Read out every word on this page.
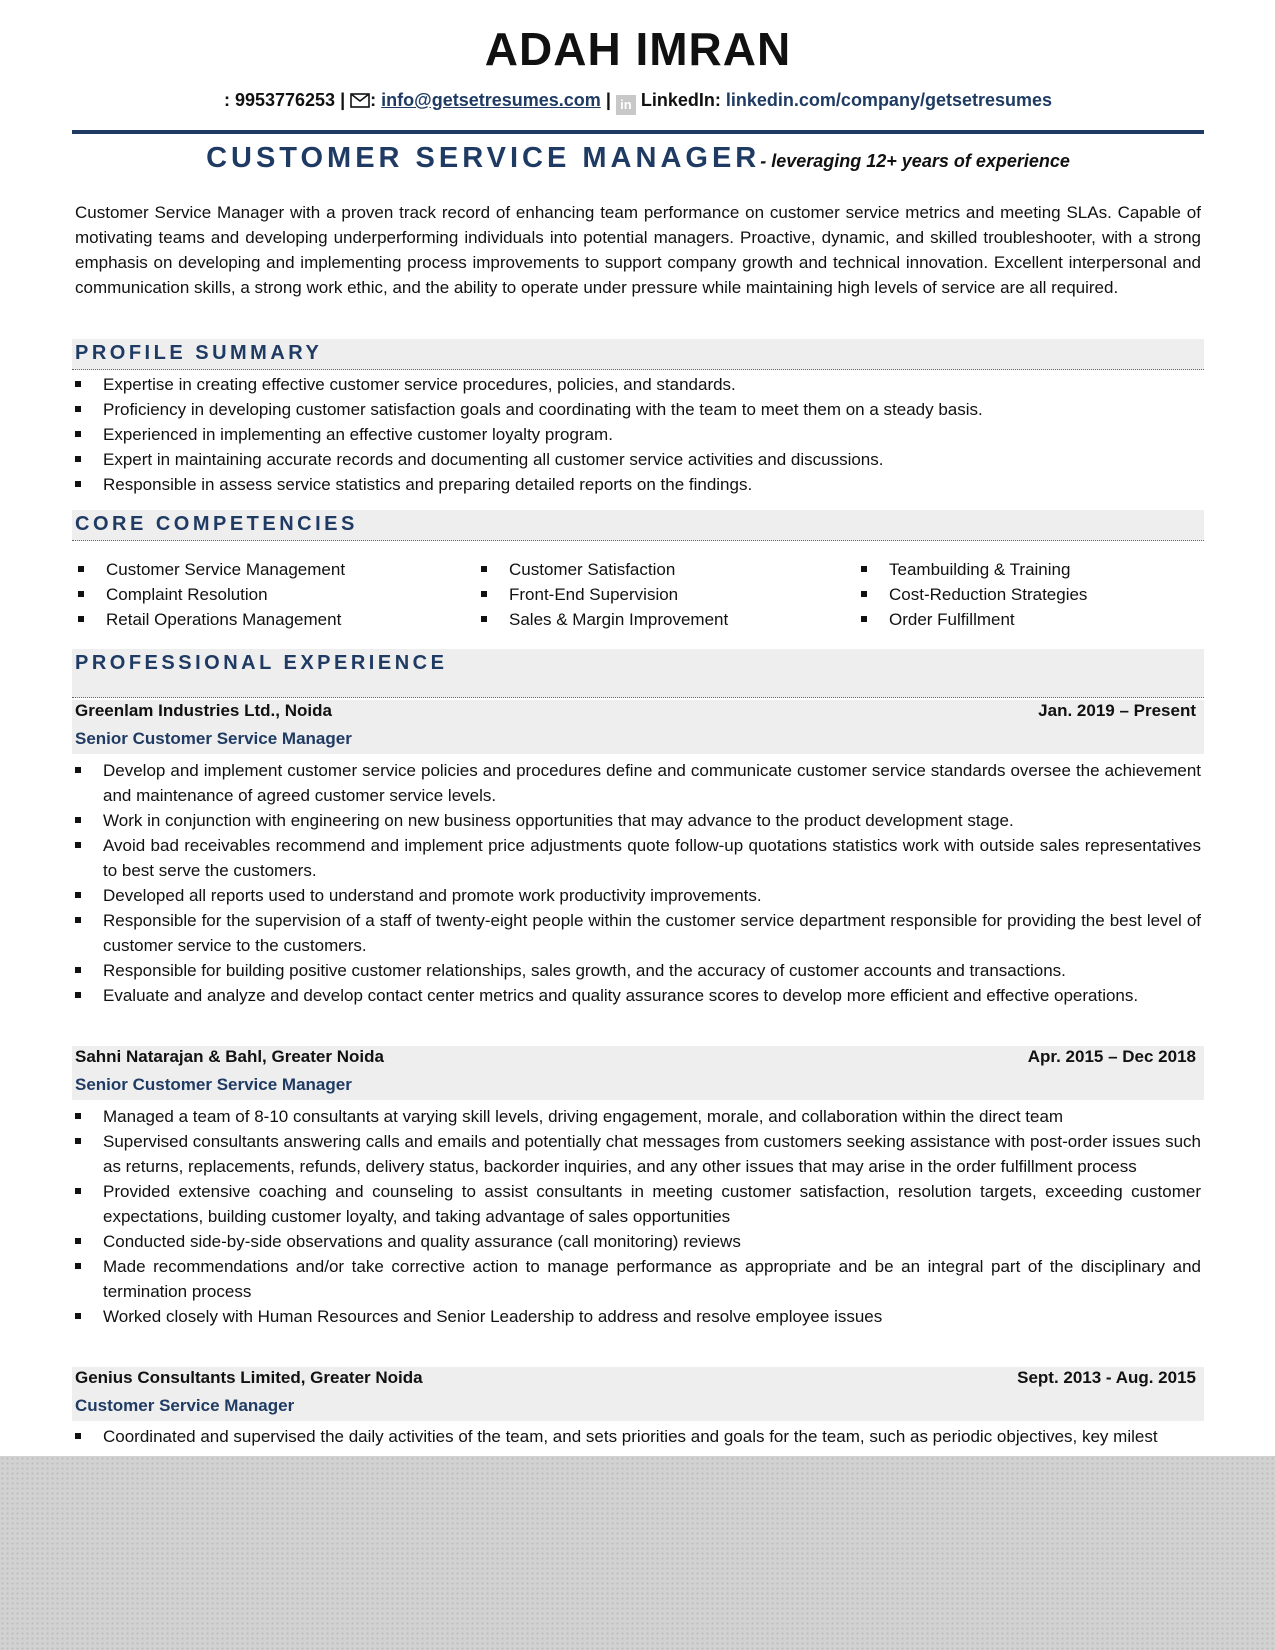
ADAH IMRAN
: 9953776253 | : info@getsetresumes.com | in LinkedIn: linkedin.com/company/getsetresumes
CUSTOMER SERVICE MANAGER- leveraging 12+ years of experience
Customer Service Manager with a proven track record of enhancing team performance on customer service metrics and meeting SLAs. Capable of motivating teams and developing underperforming individuals into potential managers. Proactive, dynamic, and skilled troubleshooter, with a strong emphasis on developing and implementing process improvements to support company growth and technical innovation. Excellent interpersonal and communication skills, a strong work ethic, and the ability to operate under pressure while maintaining high levels of service are all required.
PROFILE SUMMARY
Expertise in creating effective customer service procedures, policies, and standards.
Proficiency in developing customer satisfaction goals and coordinating with the team to meet them on a steady basis.
Experienced in implementing an effective customer loyalty program.
Expert in maintaining accurate records and documenting all customer service activities and discussions.
Responsible in assess service statistics and preparing detailed reports on the findings.
CORE COMPETENCIES
Customer Service Management
Complaint Resolution
Retail Operations Management
Customer Satisfaction
Front-End Supervision
Sales & Margin Improvement
Teambuilding & Training
Cost-Reduction Strategies
Order Fulfillment
PROFESSIONAL EXPERIENCE
Greenlam Industries Ltd., Noida	Jan. 2019 – Present
Senior Customer Service Manager
Develop and implement customer service policies and procedures define and communicate customer service standards oversee the achievement and maintenance of agreed customer service levels.
Work in conjunction with engineering on new business opportunities that may advance to the product development stage.
Avoid bad receivables recommend and implement price adjustments quote follow-up quotations statistics work with outside sales representatives to best serve the customers.
Developed all reports used to understand and promote work productivity improvements.
Responsible for the supervision of a staff of twenty-eight people within the customer service department responsible for providing the best level of customer service to the customers.
Responsible for building positive customer relationships, sales growth, and the accuracy of customer accounts and transactions.
Evaluate and analyze and develop contact center metrics and quality assurance scores to develop more efficient and effective operations.
Sahni Natarajan & Bahl, Greater Noida	Apr. 2015 – Dec 2018
Senior Customer Service Manager
Managed a team of 8-10 consultants at varying skill levels, driving engagement, morale, and collaboration within the direct team
Supervised consultants answering calls and emails and potentially chat messages from customers seeking assistance with post-order issues such as returns, replacements, refunds, delivery status, backorder inquiries, and any other issues that may arise in the order fulfillment process
Provided extensive coaching and counseling to assist consultants in meeting customer satisfaction, resolution targets, exceeding customer expectations, building customer loyalty, and taking advantage of sales opportunities
Conducted side-by-side observations and quality assurance (call monitoring) reviews
Made recommendations and/or take corrective action to manage performance as appropriate and be an integral part of the disciplinary and termination process
Worked closely with Human Resources and Senior Leadership to address and resolve employee issues
Genius Consultants Limited, Greater Noida	Sept. 2013 - Aug. 2015
Customer Service Manager
Coordinated and supervised the daily activities of the team, and sets priorities and goals for the team, such as periodic objectives, key milest
